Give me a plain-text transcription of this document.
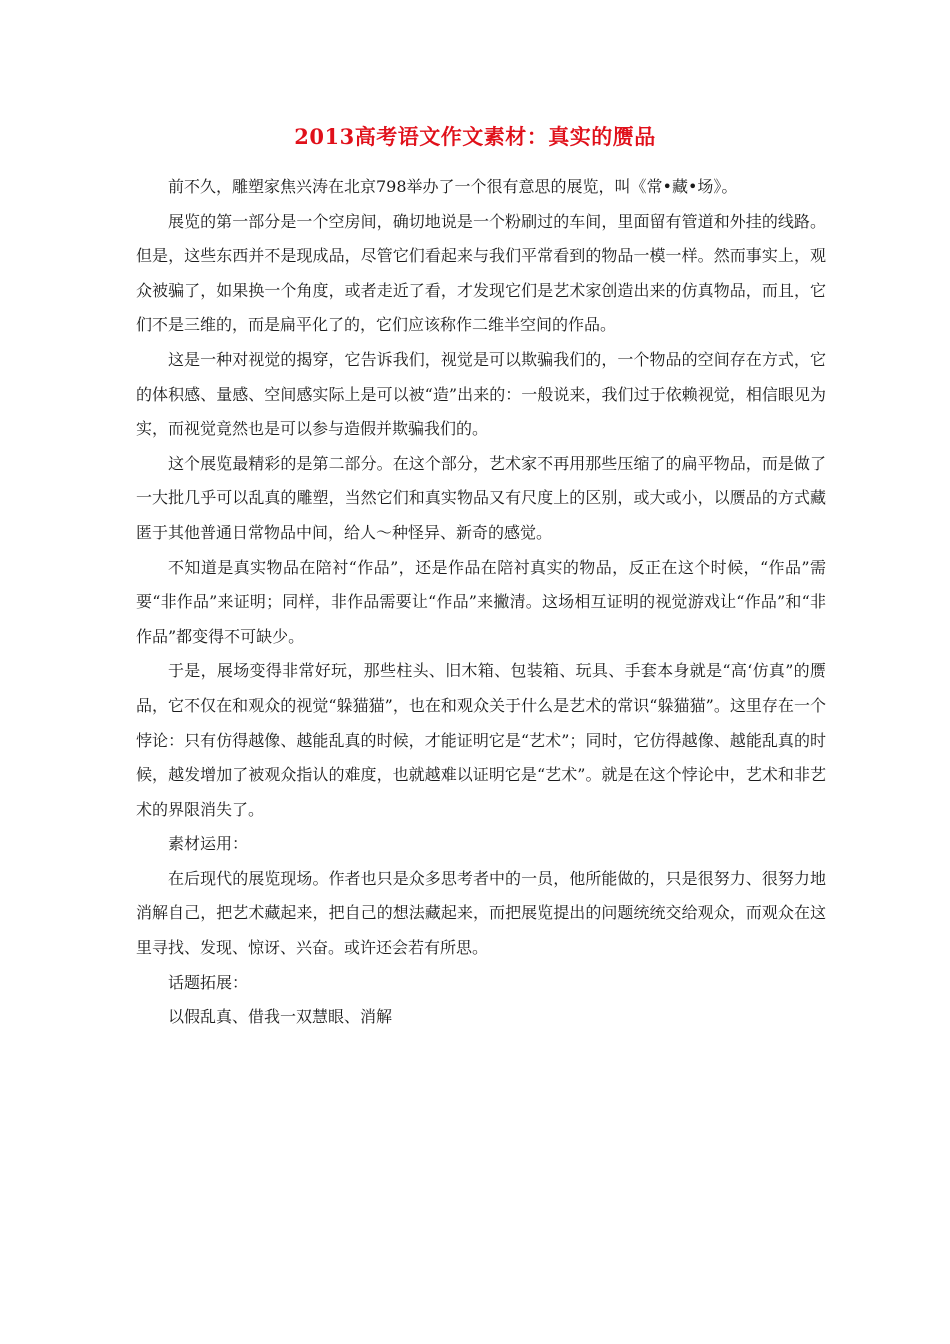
2013高考语文作文素材：真实的赝品

前不久，雕塑家焦兴涛在北京798举办了一个很有意思的展览，叫《常•藏•场》。

展览的第一部分是一个空房间，确切地说是一个粉刷过的车间，里面留有管道和外挂的线路。但是，这些东西并不是现成品，尽管它们看起来与我们平常看到的物品一模一样。然而事实上，观众被骗了，如果换一个角度，或者走近了看，才发现它们是艺术家创造出来的仿真物品，而且，它们不是三维的，而是扁平化了的，它们应该称作二维半空间的作品。

这是一种对视觉的揭穿，它告诉我们，视觉是可以欺骗我们的，一个物品的空间存在方式，它的体积感、量感、空间感实际上是可以被“造”出来的：一般说来，我们过于依赖视觉，相信眼见为实，而视觉竟然也是可以参与造假并欺骗我们的。

这个展览最精彩的是第二部分。在这个部分，艺术家不再用那些压缩了的扁平物品，而是做了一大批几乎可以乱真的雕塑，当然它们和真实物品又有尺度上的区别，或大或小，以赝品的方式藏匿于其他普通日常物品中间，给人～种怪异、新奇的感觉。

不知道是真实物品在陪衬“作品”，还是作品在陪衬真实的物品，反正在这个时候，“作品”需要“非作品”来证明；同样，非作品需要让“作品”来撇清。这场相互证明的视觉游戏让“作品”和“非作品”都变得不可缺少。

于是，展场变得非常好玩，那些柱头、旧木箱、包装箱、玩具、手套本身就是“高‘仿真”的赝品，它不仅在和观众的视觉“躲猫猫”，也在和观众关于什么是艺术的常识“躲猫猫”。这里存在一个悖论：只有仿得越像、越能乱真的时候，才能证明它是“艺术”；同时，它仿得越像、越能乱真的时候，越发增加了被观众指认的难度，也就越难以证明它是“艺术”。就是在这个悖论中，艺术和非艺术的界限消失了。

素材运用：

在后现代的展览现场。作者也只是众多思考者中的一员，他所能做的，只是很努力、很努力地消解自己，把艺术藏起来，把自己的想法藏起来，而把展览提出的问题统统交给观众，而观众在这里寻找、发现、惊讶、兴奋。或许还会若有所思。

话题拓展：

以假乱真、借我一双慧眼、消解
